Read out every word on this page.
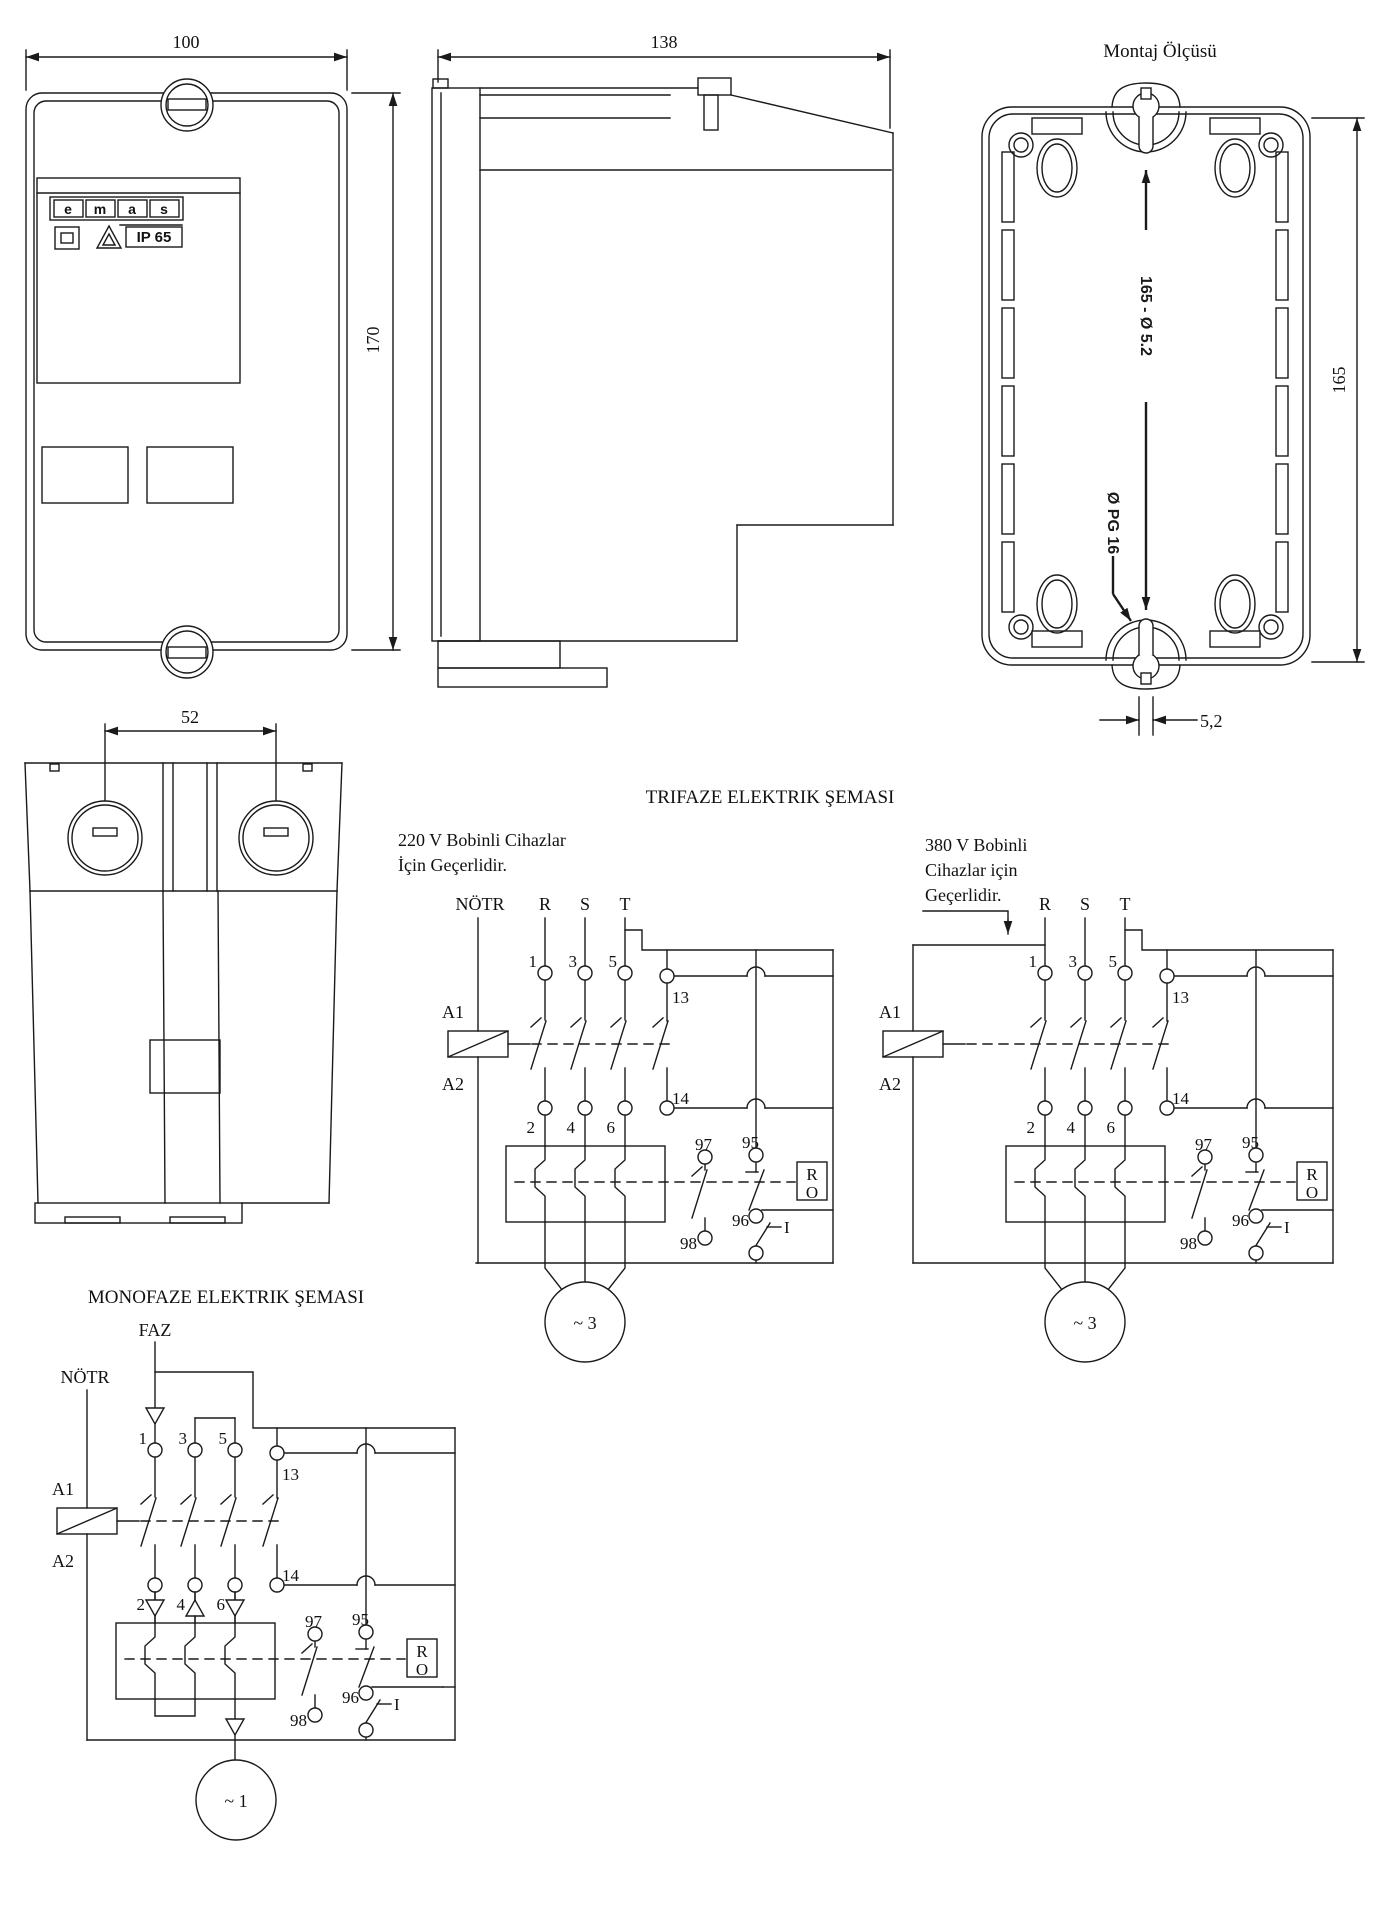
100
170
e m a s
IP 65
138	Montaj Ölçüsü
165 - Ø 5.2
Ø PG 16
165
5,2
52
TRIFAZE ELEKTRIK ŞEMASI
220 V Bobinli Cihazlar
İçin Geçerlidir.
NÖTR R S T
~ 3
1 3 5
13
14
2 4 6
A1
A2
97
98
95
96 I
R
O
380 V Bobinli
Cihazlar için
Geçerlidir. R S T
~ 3
1 3 5
13
14
2 4 6
A1
A2
97
98
95
96 I
R
O
MONOFAZE ELEKTRIK ŞEMASI
FAZ
NÖTR
~ 1
1 3 5
13
14
2 4 6
A1
A2
97
98
95
96 I
R
O
